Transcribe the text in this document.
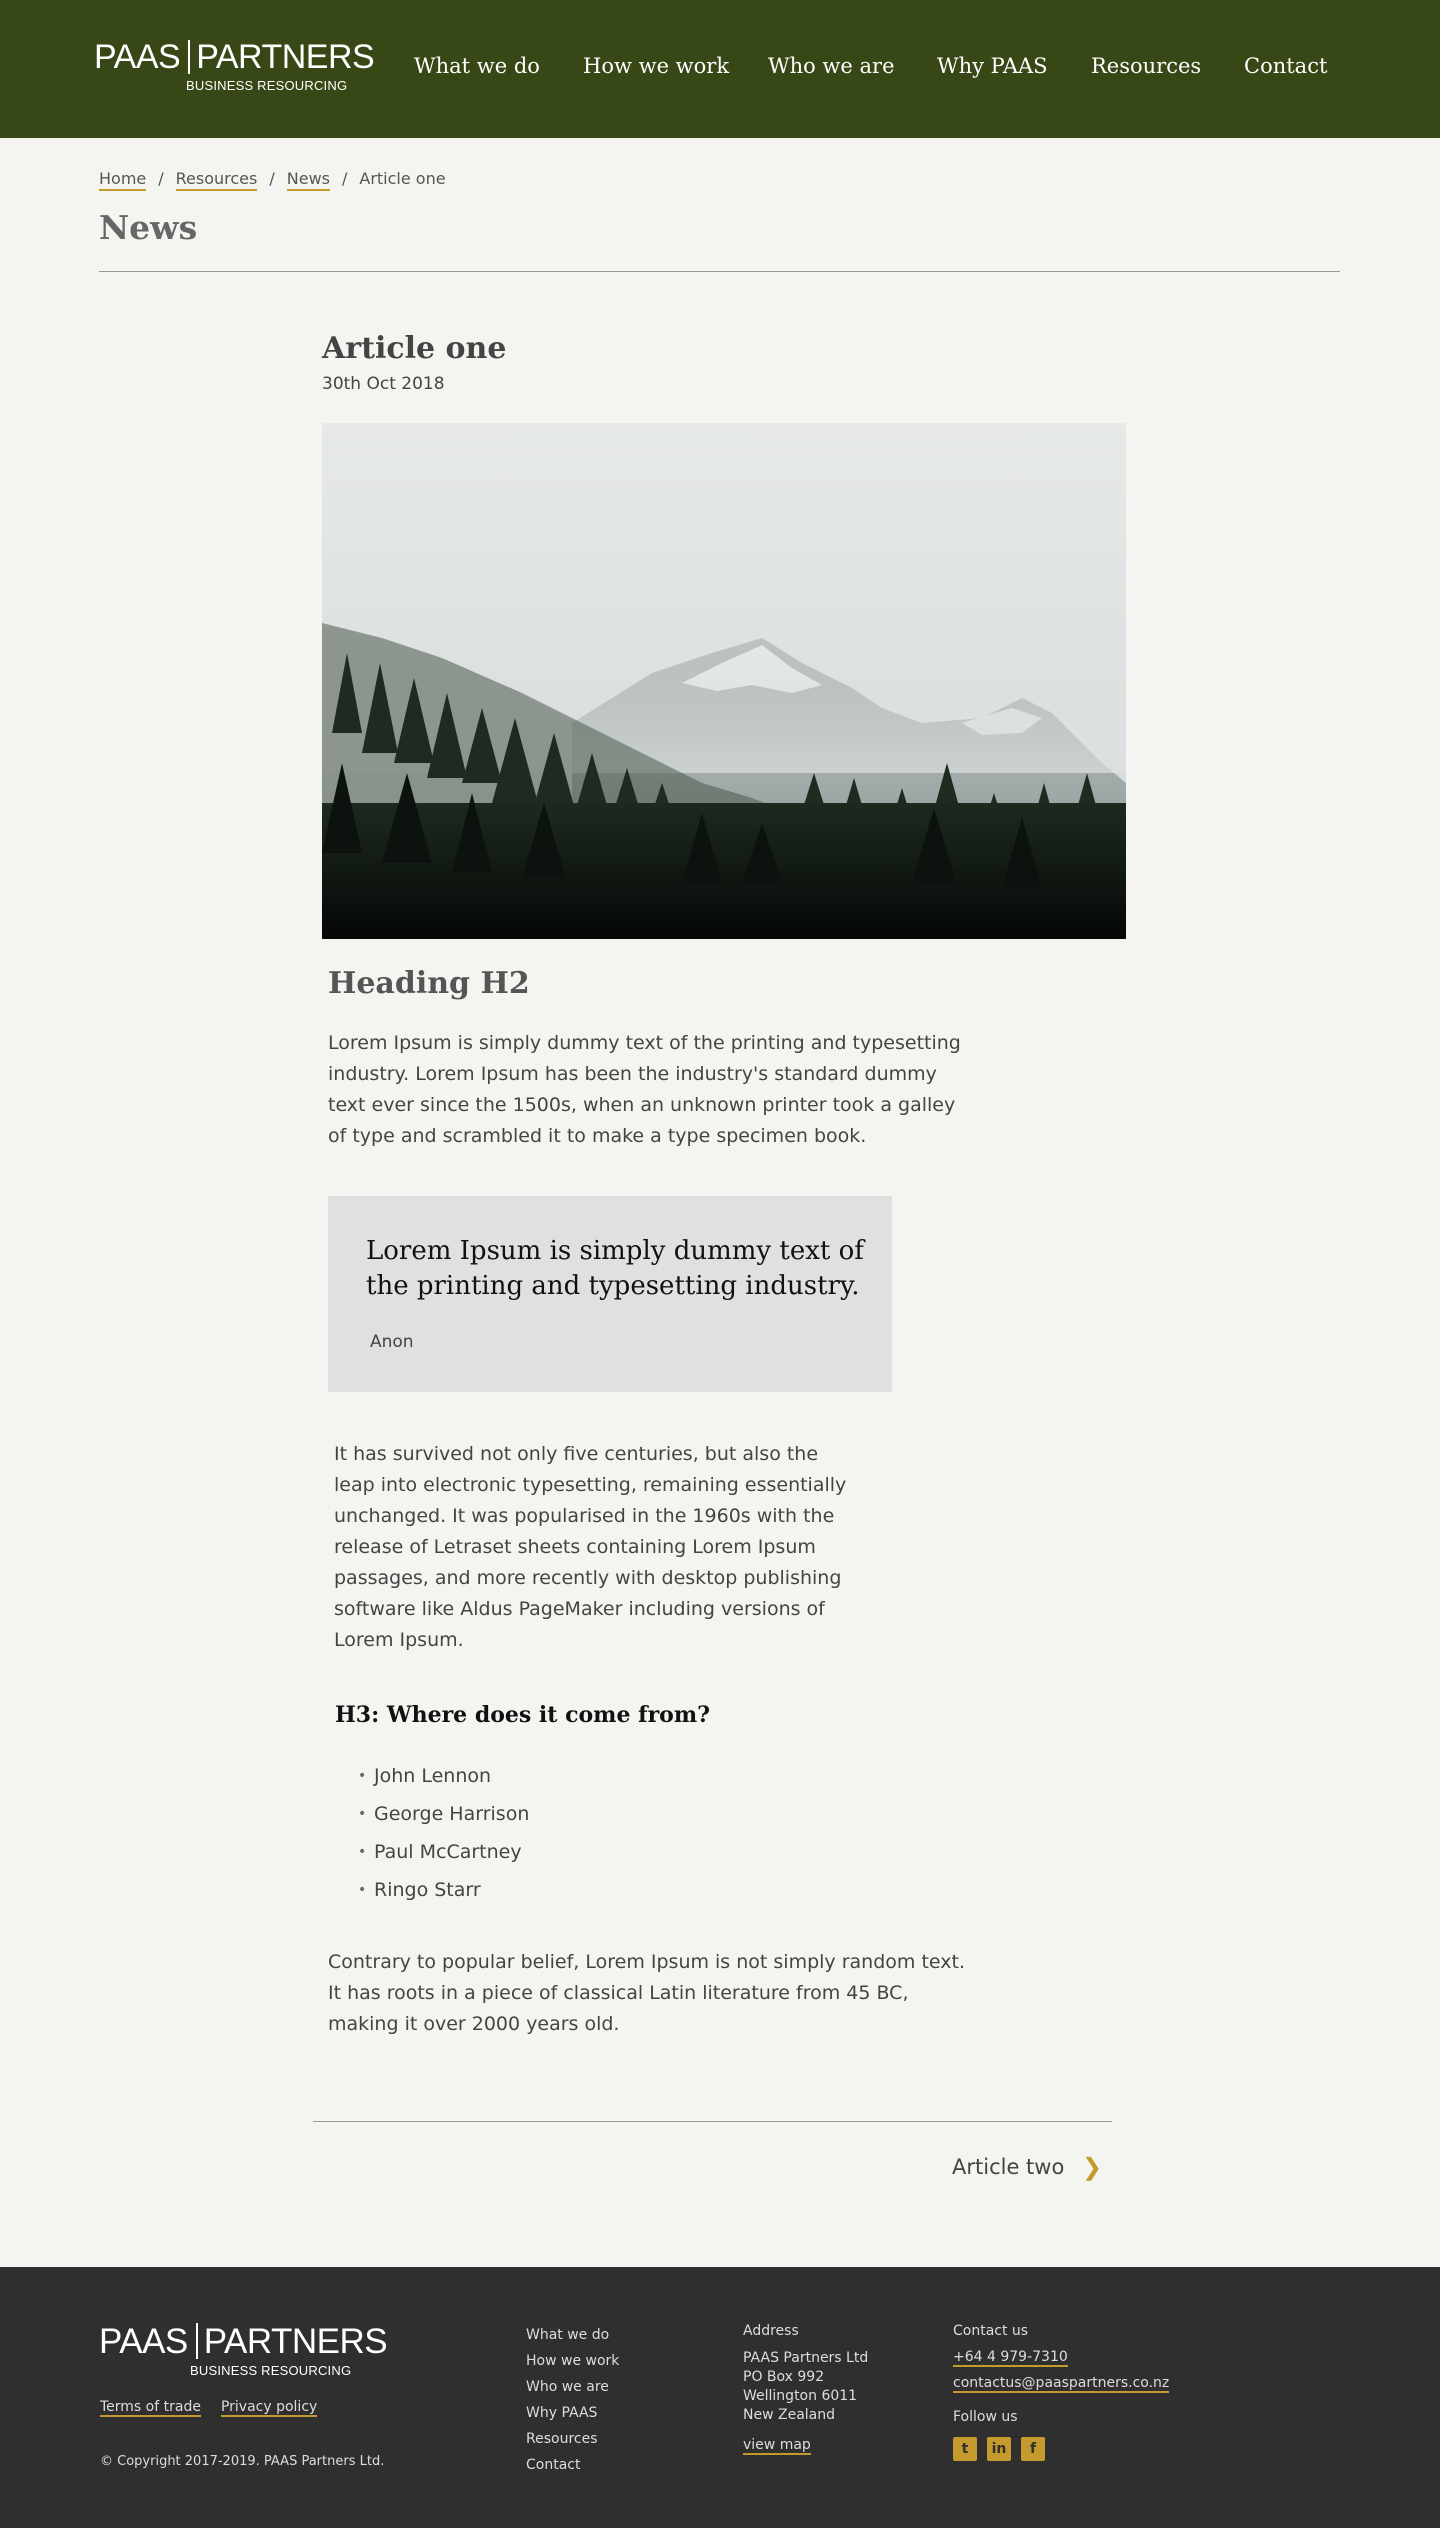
PAAS PARTNERS
BUSINESS RESOURCING
What we do How we work Who we are Why PAAS Resources Contact
Home / Resources / News / Article one
News
Article one
30th Oct 2018
Heading H2

Lorem Ipsum is simply dummy text of the printing and typesetting industry. Lorem Ipsum has been the industry's standard dummy text ever since the 1500s, when an unknown printer took a galley of type and scrambled it to make a type specimen book.

Lorem Ipsum is simply dummy text of the printing and typesetting industry.
Anon

It has survived not only five centuries, but also the leap into electronic typesetting, remaining essentially unchanged. It was popularised in the 1960s with the release of Letraset sheets containing Lorem Ipsum passages, and more recently with desktop publishing software like Aldus PageMaker including versions of Lorem Ipsum.

H3: Where does it come from?
• John Lennon
• George Harrison
• Paul McCartney
• Ringo Starr

Contrary to popular belief, Lorem Ipsum is not simply random text. It has roots in a piece of classical Latin literature from 45 BC, making it over 2000 years old.

Article two ❯
PAAS PARTNERS
BUSINESS RESOURCING
Terms of trade Privacy policy
© Copyright 2017-2019. PAAS Partners Ltd.
What we do
How we work
Who we are
Why PAAS
Resources
Contact
Address
PAAS Partners Ltd
PO Box 992
Wellington 6011
New Zealand
view map
Contact us
+64 4 979-7310
contactus@paaspartners.co.nz
Follow us
t	in	f
